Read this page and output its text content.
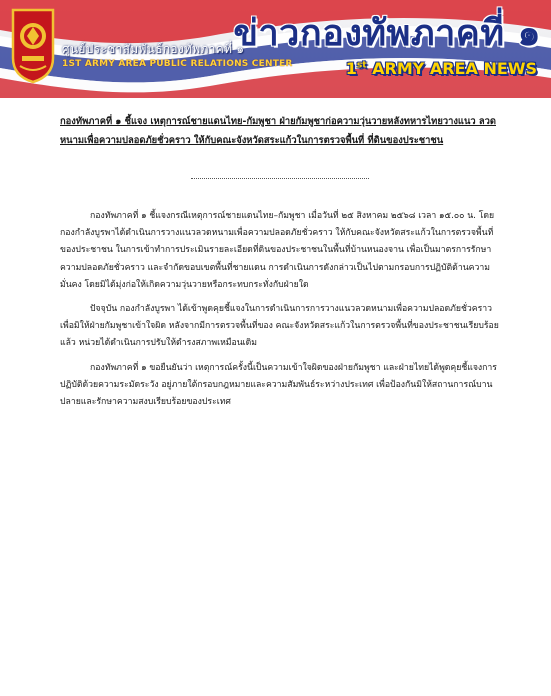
ศูนย์ประชาสัมพันธ์กองทัพภาคที่ ๑
1ST ARMY AREA PUBLIC RELATIONS CENTER
ข่าวกองทัพภาคที่ ๑
1st ARMY AREA NEWS
กองทัพภาคที่ ๑ ชี้แจง เหตุการณ์ชายแดนไทย-กัมพูชา ฝ่ายกัมพูชาก่อความวุ่นวายหลังทหารไทยวางแนว ลวดหนามเพื่อความปลอดภัยชั่วคราว ให้กับคณะจังหวัดสระแก้วในการตรวจพื้นที่ ที่ดินของประชาชน

กองทัพภาคที่ ๑ ชี้แจงกรณีเหตุการณ์ชายแดนไทย–กัมพูชา เมื่อวันที่ ๒๕ สิงหาคม ๒๕๖๘ เวลา ๑๕.๐๐ น. โดยกองกำลังบูรพาได้ดำเนินการวางแนวลวดหนามเพื่อความปลอดภัยชั่วคราว ให้กับคณะจังหวัดสระแก้วในการตรวจพื้นที่ของประชาชน ในการเข้าทำการประเมินรายละเอียดที่ดินของประชาชนในพื้นที่บ้านหนองจาน เพื่อเป็นมาตรการรักษาความปลอดภัยชั่วคราว และจำกัดขอบเขตพื้นที่ชายแดน การดำเนินการดังกล่าวเป็นไปตามกรอบการปฏิบัติด้านความมั่นคง โดยมิได้มุ่งก่อให้เกิดความวุ่นวายหรือกระทบกระทั่งกับฝ่ายใด

ปัจจุบัน กองกำลังบูรพา ได้เข้าพูดคุยชี้แจงในการดำเนินการการวางแนวลวดหนามเพื่อความปลอดภัยชั่วคราว เพื่อมิให้ฝ่ายกัมพูชาเข้าใจผิด หลังจากมีการตรวจพื้นที่ของ คณะจังหวัดสระแก้วในการตรวจพื้นที่ของประชาชนเรียบร้อยแล้ว หน่วยได้ดำเนินการปรับให้ดำรงสภาพเหมือนเดิม

กองทัพภาคที่ ๑ ขอยืนยันว่า เหตุการณ์ครั้งนี้เป็นความเข้าใจผิดของฝ่ายกัมพูชา และฝ่ายไทยได้พูดคุยชี้แจงการปฏิบัติด้วยความระมัดระวัง อยู่ภายใต้กรอบกฎหมายและความสัมพันธ์ระหว่างประเทศ เพื่อป้องกันมิให้สถานการณ์บานปลายและรักษาความสงบเรียบร้อยของประเทศ
